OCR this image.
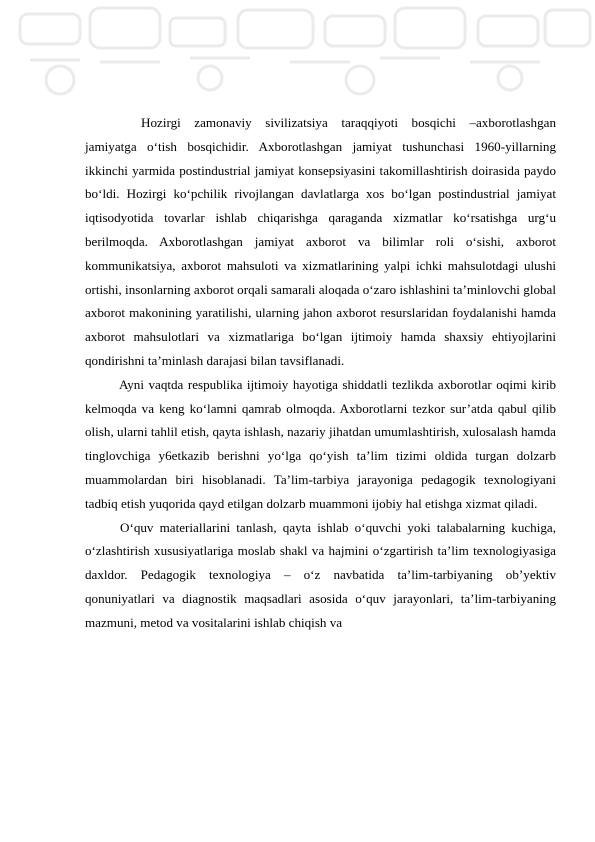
Hozirgi zamonaviy sivilizatsiya taraqqiyoti bosqichi –axborotlashgan jamiyatga o‘tish bosqichidir. Axborotlashgan jamiyat tushunchasi 1960-yillarning ikkinchi yarmida postindustrial jamiyat konsepsiyasini takomillashtirish doirasida paydo bo‘ldi. Hozirgi ko‘pchilik rivojlangan davlatlarga xos bo‘lgan postindustrial jamiyat iqtisodyotida tovarlar ishlab chiqarishga qaraganda xizmatlar ko‘rsatishga urg‘u berilmoqda. Axborotlashgan jamiyat axborot va bilimlar roli o‘sishi, axborot kommunikatsiya, axborot mahsuloti va xizmatlarining yalpi ichki mahsulotdagi ulushi ortishi, insonlarning axborot orqali samarali aloqada o‘zaro ishlashini ta’minlovchi global axborot makonining yaratilishi, ularning jahon axborot resurslaridan foydalanishi hamda axborot mahsulotlari va xizmatlariga bo‘lgan ijtimoiy hamda shaxsiy ehtiyojlarini qondirishni ta’minlash darajasi bilan tavsiflanadi.

Ayni vaqtda respublika ijtimoiy hayotiga shiddatli tezlikda axborotlar oqimi kirib kelmoqda va keng ko‘lamni qamrab olmoqda. Axborotlarni tezkor sur’atda qabul qilib olish, ularni tahlil etish, qayta ishlash, nazariy jihatdan umumlashtirish, xulosalash hamda tinglovchiga y6etkazib berishni yo‘lga qo‘yish ta’lim tizimi oldida turgan dolzarb muammolardan biri hisoblanadi. Ta’lim-tarbiya jarayoniga pedagogik texnologiyani tadbiq etish yuqorida qayd etilgan dolzarb muammoni ijobiy hal etishga xizmat qiladi.

O‘quv materiallarini tanlash, qayta ishlab o‘quvchi yoki talabalarning kuchiga, o‘zlashtirish xususiyatlariga moslab shakl va hajmini o‘zgartirish ta’lim texnologiyasiga daxldor. Pedagogik texnologiya – o‘z navbatida ta’lim-tarbiyaning ob’yektiv qonuniyatlari va diagnostik maqsadlari asosida o‘quv jarayonlari, ta’lim-tarbiyaning mazmuni, metod va vositalarini ishlab chiqish va
